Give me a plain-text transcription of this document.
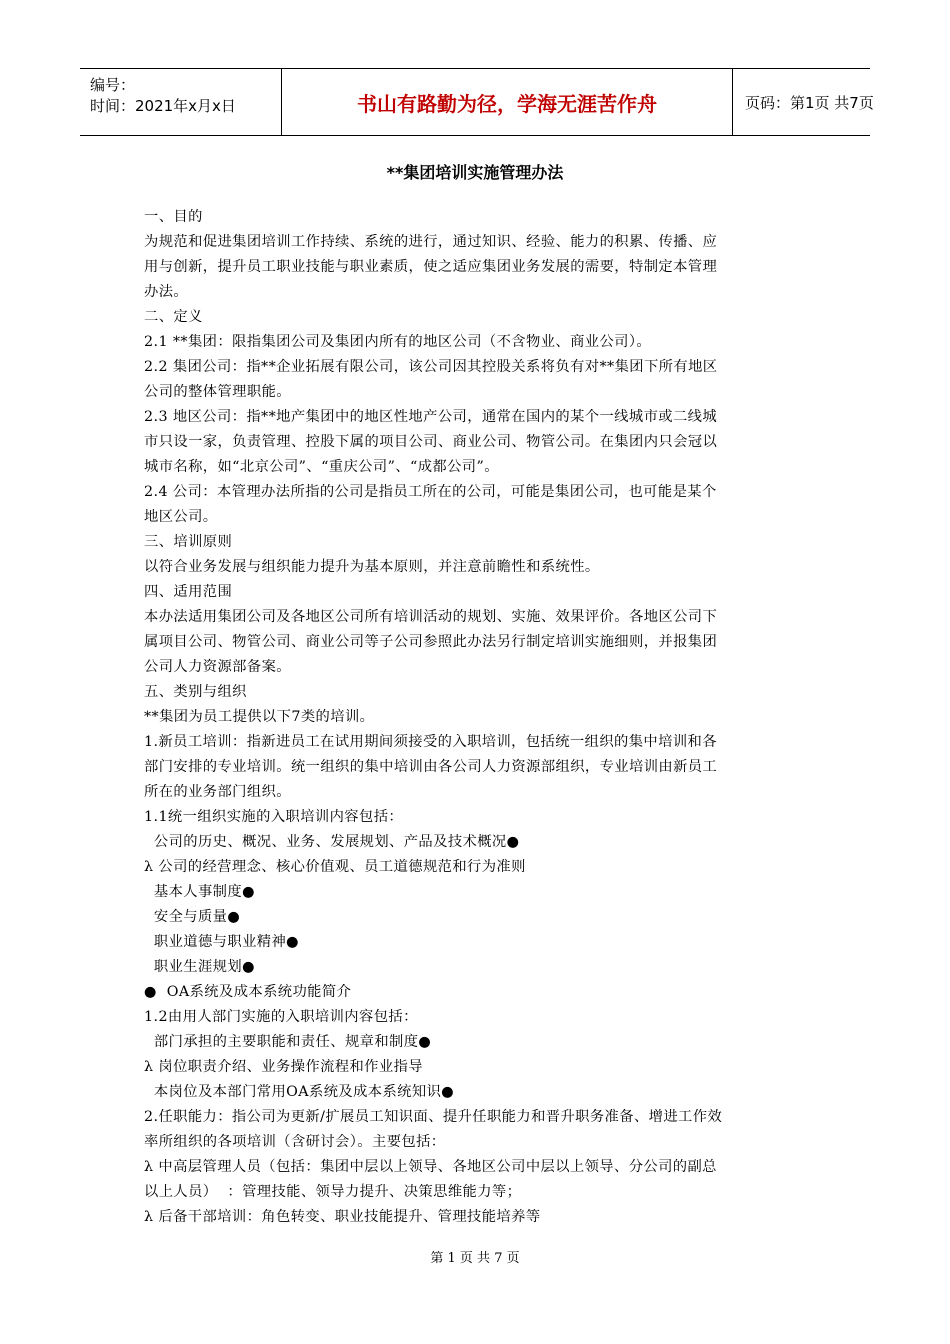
编号：
时间：2021年x月x日	书山有路勤为径，学海无涯苦作舟	页码：第1页 共7页
**集团培训实施管理办法
一、目的
为规范和促进集团培训工作持续、系统的进行，通过知识、经验、能力的积累、传播、应
用与创新，提升员工职业技能与职业素质，使之适应集团业务发展的需要，特制定本管理
办法。
二、定义
2.1 **集团：限指集团公司及集团内所有的地区公司（不含物业、商业公司）。
2.2 集团公司：指**企业拓展有限公司，该公司因其控股关系将负有对**集团下所有地区
公司的整体管理职能。
2.3 地区公司：指**地产集团中的地区性地产公司，通常在国内的某个一线城市或二线城
市只设一家，负责管理、控股下属的项目公司、商业公司、物管公司。在集团内只会冠以
城市名称，如“北京公司”、“重庆公司”、“成都公司”。
2.4 公司：本管理办法所指的公司是指员工所在的公司，可能是集团公司，也可能是某个
地区公司。
三、培训原则
以符合业务发展与组织能力提升为基本原则，并注意前瞻性和系统性。
四、适用范围
本办法适用集团公司及各地区公司所有培训活动的规划、实施、效果评价。各地区公司下
属项目公司、物管公司、商业公司等子公司参照此办法另行制定培训实施细则，并报集团
公司人力资源部备案。
五、类别与组织
**集团为员工提供以下7类的培训。
1.新员工培训：指新进员工在试用期间须接受的入职培训，包括统一组织的集中培训和各
部门安排的专业培训。统一组织的集中培训由各公司人力资源部组织，专业培训由新员工
所在的业务部门组织。
1.1统一组织实施的入职培训内容包括：
公司的历史、概况、业务、发展规划、产品及技术概况●
λ 公司的经营理念、核心价值观、员工道德规范和行为准则
基本人事制度●
安全与质量●
职业道德与职业精神●
职业生涯规划●
●  OA系统及成本系统功能简介
1.2由用人部门实施的入职培训内容包括：
部门承担的主要职能和责任、规章和制度●
λ 岗位职责介绍、业务操作流程和作业指导
本岗位及本部门常用OA系统及成本系统知识●
2.任职能力：指公司为更新/扩展员工知识面、提升任职能力和晋升职务准备、增进工作效
率所组织的各项培训（含研讨会）。主要包括：
λ 中高层管理人员（包括：集团中层以上领导、各地区公司中层以上领导、分公司的副总
以上人员）  ：管理技能、领导力提升、决策思维能力等；
λ 后备干部培训：角色转变、职业技能提升、管理技能培养等
第 1 页 共 7 页
